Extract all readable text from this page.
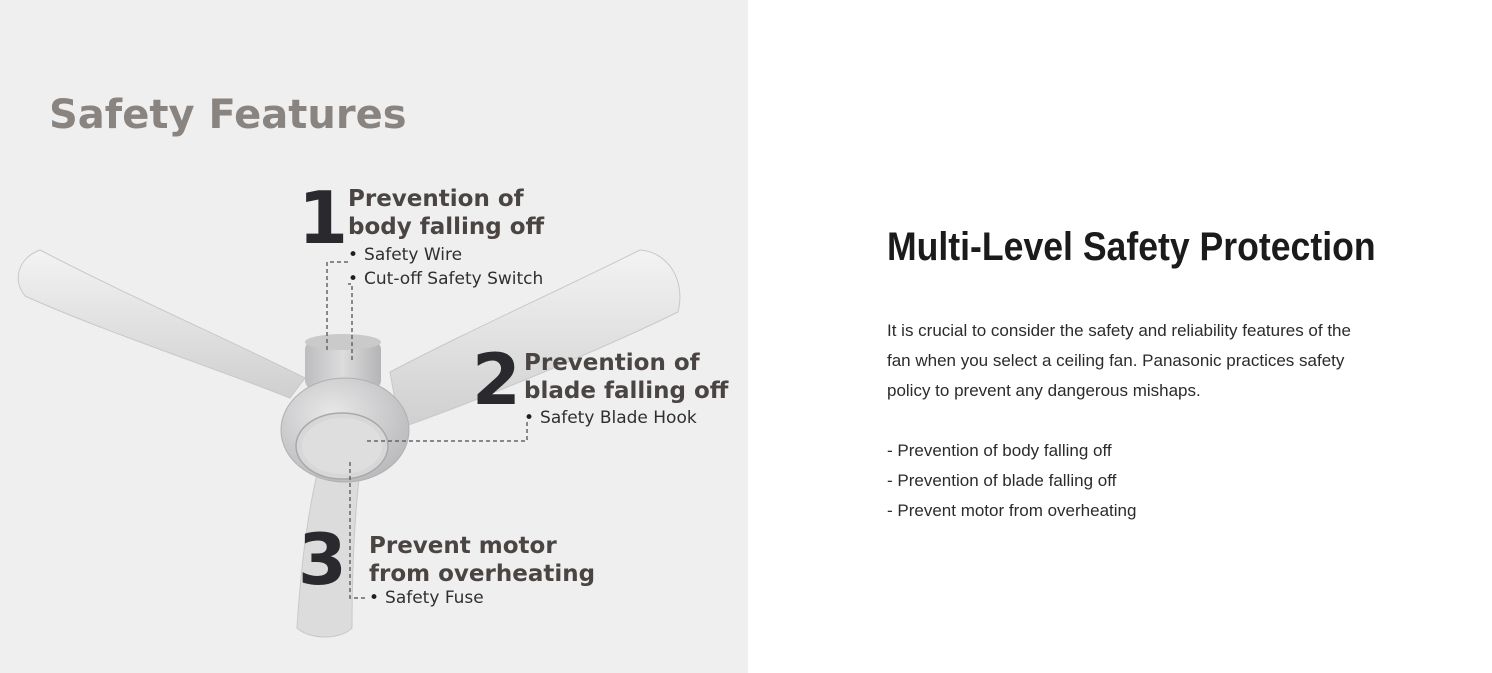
Safety Features
1 Prevention of
body falling off
• Safety Wire
• Cut-off Safety Switch
2 Prevention of
blade falling off
• Safety Blade Hook
3 Prevent motor
from overheating
• Safety Fuse
Multi-Level Safety Protection

It is crucial to consider the safety and reliability features of the fan when you select a ceiling fan. Panasonic practices safety policy to prevent any dangerous mishaps.

- Prevention of body falling off
- Prevention of blade falling off
- Prevent motor from overheating
